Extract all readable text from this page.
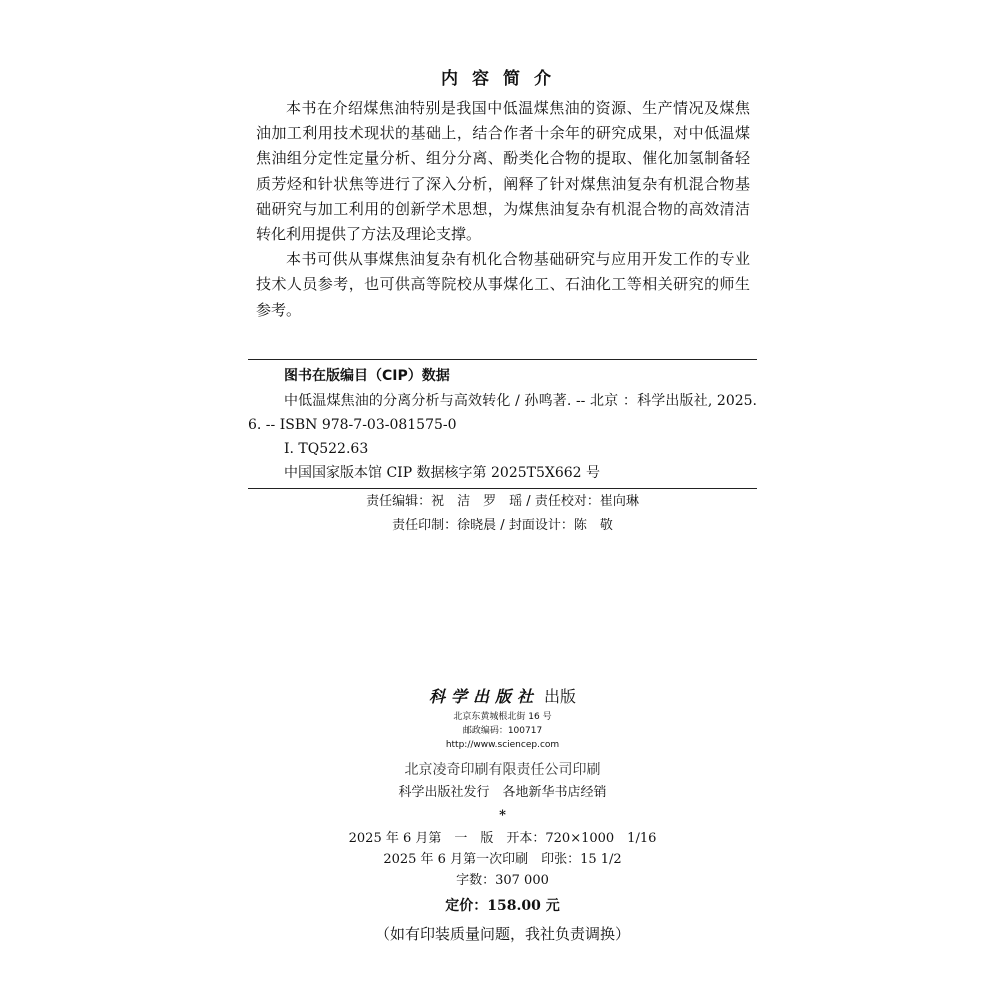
内容简介

本书在介绍煤焦油特别是我国中低温煤焦油的资源、生产情况及煤焦油加工利用技术现状的基础上，结合作者十余年的研究成果，对中低温煤焦油组分定性定量分析、组分分离、酚类化合物的提取、催化加氢制备轻质芳烃和针状焦等进行了深入分析，阐释了针对煤焦油复杂有机混合物基础研究与加工利用的创新学术思想，为煤焦油复杂有机混合物的高效清洁转化利用提供了方法及理论支撑。

本书可供从事煤焦油复杂有机化合物基础研究与应用开发工作的专业技术人员参考，也可供高等院校从事煤化工、石油化工等相关研究的师生参考。

图书在版编目（CIP）数据

中低温煤焦油的分离分析与高效转化 / 孙鸣著. -- 北京 ：科学出版社, 2025. 6. -- ISBN 978-7-03-081575-0

Ⅰ. TQ522.63
中国国家版本馆 CIP 数据核字第 2025T5X662 号
责任编辑：祝　洁　罗　瑶 / 责任校对：崔向琳
责任印制：徐晓晨 / 封面设计：陈　敬
科学出版社 出版
北京东黄城根北街 16 号
邮政编码：100717
http://www.sciencep.com
北京凌奇印刷有限责任公司印刷
科学出版社发行　各地新华书店经销
*
2025 年 6 月第　一　版　开本：720×1000　1/16
2025 年 6 月第一次印刷　印张：15 1/2
字数：307 000
定价：158.00 元
（如有印装质量问题，我社负责调换）
